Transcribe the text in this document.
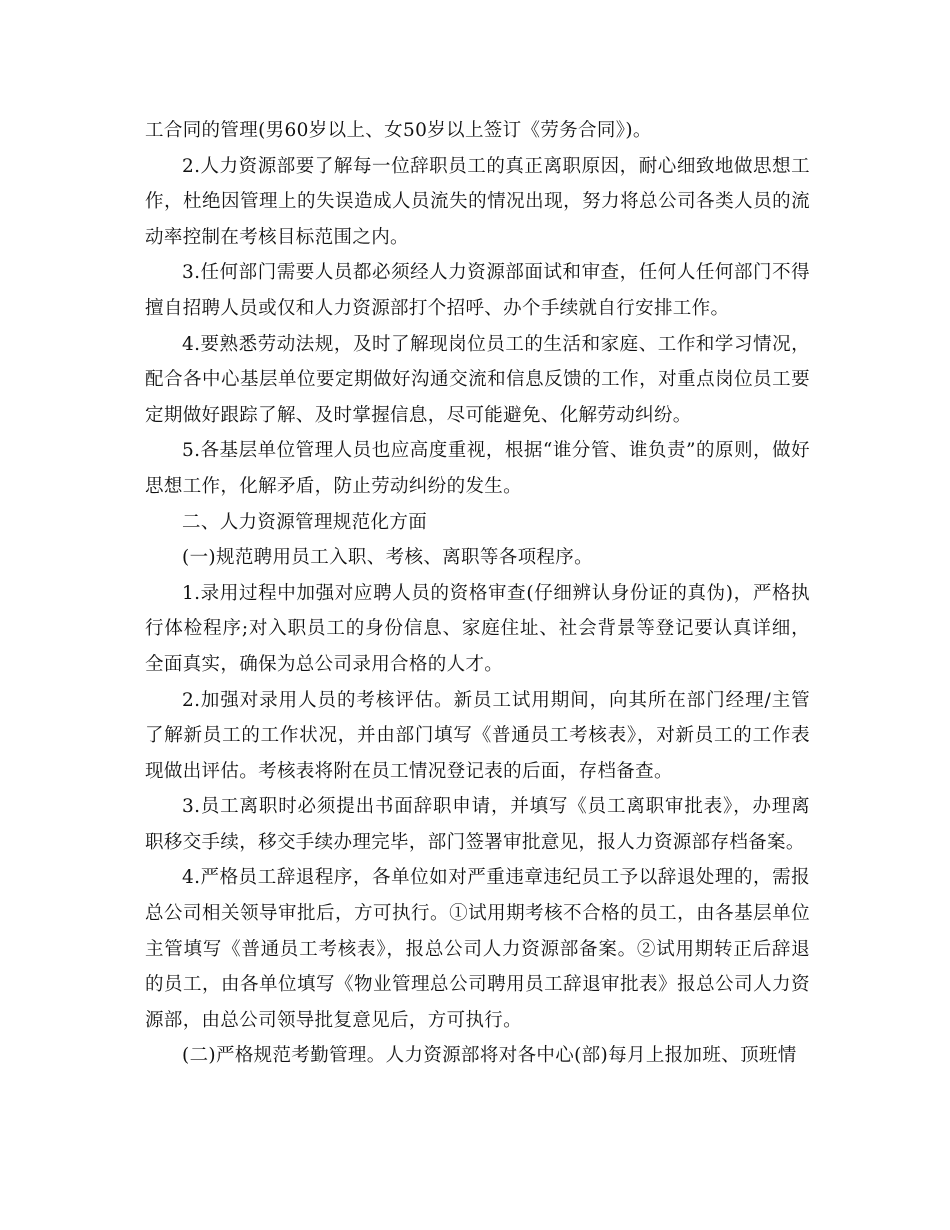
工合同的管理(男60岁以上、女50岁以上签订《劳务合同》)。

2.人力资源部要了解每一位辞职员工的真正离职原因，耐心细致地做思想工作，杜绝因管理上的失误造成人员流失的情况出现，努力将总公司各类人员的流动率控制在考核目标范围之内。

3.任何部门需要人员都必须经人力资源部面试和审查，任何人任何部门不得擅自招聘人员或仅和人力资源部打个招呼、办个手续就自行安排工作。

4.要熟悉劳动法规，及时了解现岗位员工的生活和家庭、工作和学习情况，配合各中心基层单位要定期做好沟通交流和信息反馈的工作，对重点岗位员工要定期做好跟踪了解、及时掌握信息，尽可能避免、化解劳动纠纷。

5.各基层单位管理人员也应高度重视，根据“谁分管、谁负责”的原则，做好思想工作，化解矛盾，防止劳动纠纷的发生。

二、人力资源管理规范化方面

(一)规范聘用员工入职、考核、离职等各项程序。

1.录用过程中加强对应聘人员的资格审查(仔细辨认身份证的真伪)，严格执行体检程序;对入职员工的身份信息、家庭住址、社会背景等登记要认真详细，全面真实，确保为总公司录用合格的人才。

2.加强对录用人员的考核评估。新员工试用期间，向其所在部门经理/主管了解新员工的工作状况，并由部门填写《普通员工考核表》，对新员工的工作表现做出评估。考核表将附在员工情况登记表的后面，存档备查。

3.员工离职时必须提出书面辞职申请，并填写《员工离职审批表》，办理离职移交手续，移交手续办理完毕，部门签署审批意见，报人力资源部存档备案。

4.严格员工辞退程序，各单位如对严重违章违纪员工予以辞退处理的，需报总公司相关领导审批后，方可执行。①试用期考核不合格的员工，由各基层单位主管填写《普通员工考核表》，报总公司人力资源部备案。②试用期转正后辞退的员工，由各单位填写《物业管理总公司聘用员工辞退审批表》报总公司人力资源部，由总公司领导批复意见后，方可执行。

(二)严格规范考勤管理。人力资源部将对各中心(部)每月上报加班、顶班情
